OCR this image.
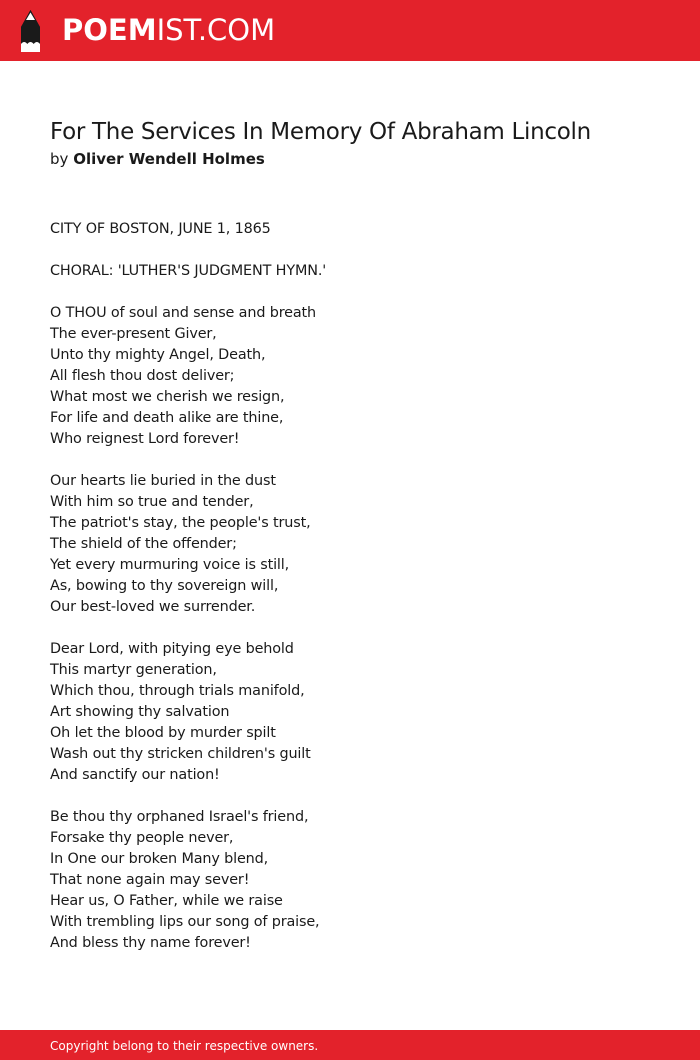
POEMIST.COM
For The Services In Memory Of Abraham Lincoln
by Oliver Wendell Holmes
CITY OF BOSTON, JUNE 1, 1865
CHORAL: 'LUTHER'S JUDGMENT HYMN.'
O THOU of soul and sense and breath
The ever-present Giver,
Unto thy mighty Angel, Death,
All flesh thou dost deliver;
What most we cherish we resign,
For life and death alike are thine,
Who reignest Lord forever!
Our hearts lie buried in the dust
With him so true and tender,
The patriot's stay, the people's trust,
The shield of the offender;
Yet every murmuring voice is still,
As, bowing to thy sovereign will,
Our best-loved we surrender.
Dear Lord, with pitying eye behold
This martyr generation,
Which thou, through trials manifold,
Art showing thy salvation
Oh let the blood by murder spilt
Wash out thy stricken children's guilt
And sanctify our nation!
Be thou thy orphaned Israel's friend,
Forsake thy people never,
In One our broken Many blend,
That none again may sever!
Hear us, O Father, while we raise
With trembling lips our song of praise,
And bless thy name forever!
Copyright belong to their respective owners.
